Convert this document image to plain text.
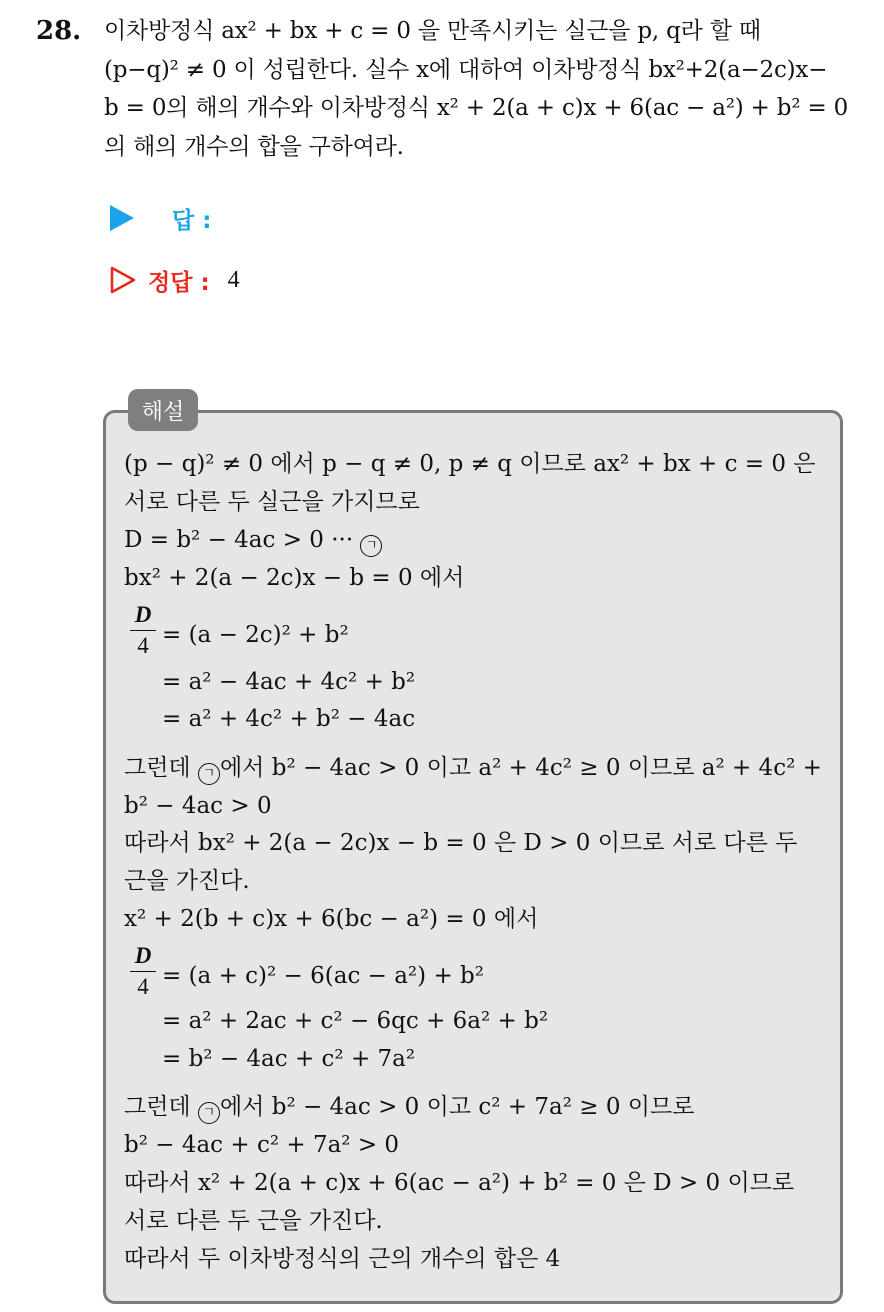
28. 이차방정식 ax² + bx + c = 0 을 만족시키는 실근을 p, q라 할 때
(p−q)² ≠ 0 이 성립한다. 실수 x에 대하여 이차방정식 bx²+2(a−2c)x−
b = 0의 해의 개수와 이차방정식 x² + 2(a + c)x + 6(ac − a²) + b² = 0
의 해의 개수의 합을 구하여라.
답 :
정답 : 4
해설
(p − q)² ≠ 0 에서 p − q ≠ 0, p ≠ q 이므로 ax² + bx + c = 0 은
서로 다른 두 실근을 가지므로
D = b² − 4ac > 0 ··· ㄱ
bx² + 2(a − 2c)x − b = 0 에서
D
4 = (a − 2c)² + b²
= a² − 4ac + 4c² + b²
= a² + 4c² + b² − 4ac
그런데 ㄱ 에서 b² − 4ac > 0 이고 a² + 4c² ≥ 0 이므로 a² + 4c² +
b² − 4ac > 0
따라서 bx² + 2(a − 2c)x − b = 0 은 D > 0 이므로 서로 다른 두
근을 가진다.
x² + 2(b + c)x + 6(bc − a²) = 0 에서
D
4 = (a + c)² − 6(ac − a²) + b²
= a² + 2ac + c² − 6qc + 6a² + b²
= b² − 4ac + c² + 7a²
그런데 ㄱ 에서 b² − 4ac > 0 이고 c² + 7a² ≥ 0 이므로
b² − 4ac + c² + 7a² > 0
따라서 x² + 2(a + c)x + 6(ac − a²) + b² = 0 은 D > 0 이므로
서로 다른 두 근을 가진다.
따라서 두 이차방정식의 근의 개수의 합은 4
